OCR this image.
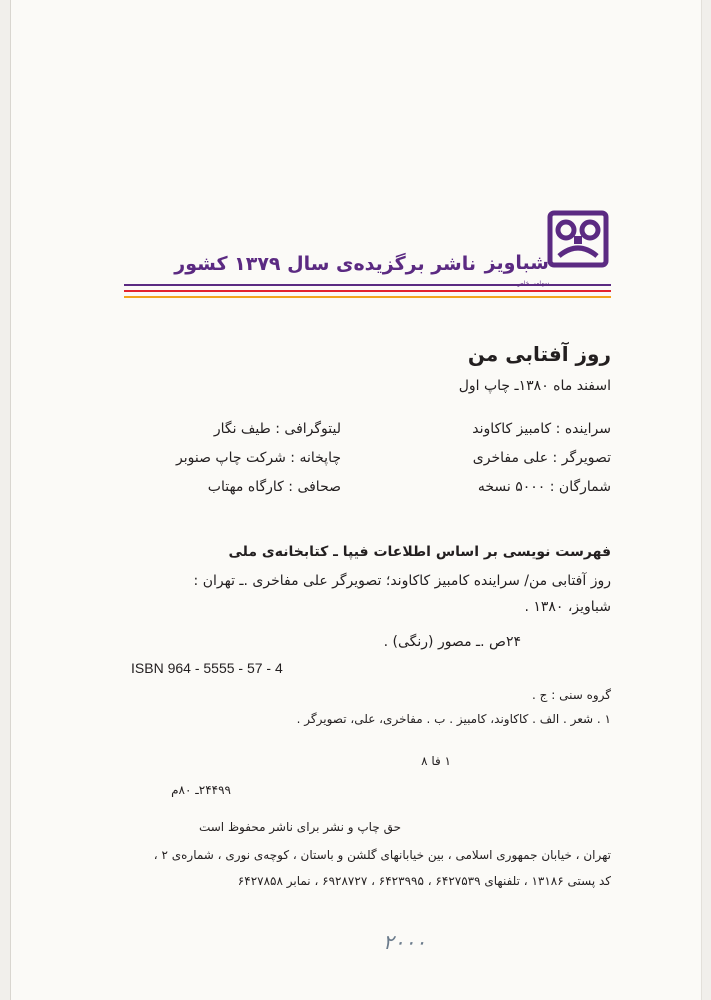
شباویز
ناشر برگزیده‌ی سال ۱۳۷۹ کشور
روز آفتابی من
اسفند ماه ۱۳۸۰ـ چاپ اول
سراینده : کامبیز کاکاوند
تصویرگر : علی مفاخری
شمارگان : ۵۰۰۰ نسخه
لیتوگرافی : طیف نگار
چاپخانه : شرکت چاپ صنوبر
صحافی : کارگاه مهتاب
فهرست نویسی بر اساس اطلاعات فیپا ـ کتابخانه‌ی ملی
روز آفتابی من/ سراینده کامبیز کاکاوند؛ تصویرگر علی مفاخری .ـ تهران :
شباویز، ۱۳۸۰ .
۲۴ص .ـ مصور (رنگی) .
ISBN 964 - 5555 - 57 - 4
گروه سنی : ج .
۱ . شعر . الف . کاکاوند، کامبیز . ب . مفاخری، علی، تصویرگر .
۱ فا ۸
۲۴۴۹۹ـ ۸۰م
حق چاپ و نشر برای ناشر محفوظ است
تهران ، خیابان جمهوری اسلامی ، بین خیابانهای گلشن و باستان ، کوچه‌ی نوری ، شماره‌ی ۲ ،
کد پستی ۱۳۱۸۶ ، تلفنهای ۶۴۲۷۵۳۹ ، ۶۴۲۳۹۹۵ ، ۶۹۲۸۷۲۷ ، نمابر ۶۴۲۷۸۵۸
۲۰۰۰
